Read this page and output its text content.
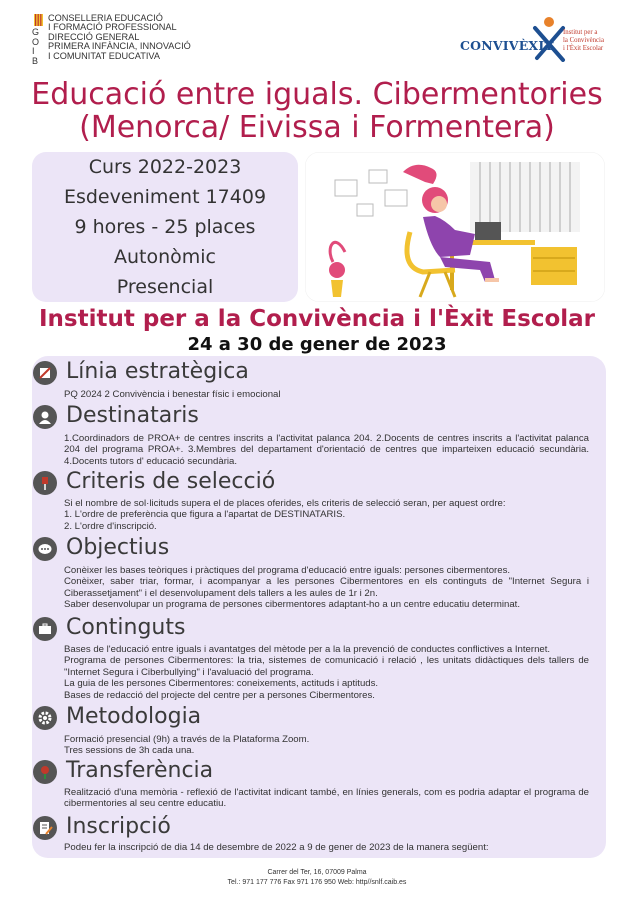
G
O
I
B
CONSELLERIA EDUCACIÓ
I FORMACIÓ PROFESSIONAL
DIRECCIÓ GENERAL
PRIMERA INFÀNCIA, INNOVACIÓ
I COMUNITAT EDUCATIVA
CONVIVÈXIT
Institut per a
la Convivència
i l'Èxit Escolar
Educació entre iguals. Cibermentories
(Menorca/ Eivissa i Formentera)
Curs 2022-2023
Esdeveniment 17409
9 hores - 25 places
Autonòmic
Presencial
Institut per a la Convivència i l'Èxit Escolar
24 a 30 de gener de 2023
Línia estratègica
PQ 2024 2 Convivència i benestar físic i emocional
Destinataris
1.Coordinadors de PROA+ de centres inscrits a l'activitat palanca 204. 2.Docents de centres inscrits a l'activitat palanca 204 del programa PROA+. 3.Membres del departament d'orientació de centres que imparteixen educació secundària. 4.Docents tutors d' educació secundària.
Criteris de selecció
Si el nombre de sol·licituds supera el de places oferides, els criteris de selecció seran, per aquest ordre:
1. L'ordre de preferència que figura a l'apartat de DESTINATARIS.
2. L'ordre d'inscripció.
Objectius
Conèixer les bases teòriques i pràctiques del programa d'educació entre iguals: persones cibermentores.
Conèixer, saber triar, formar, i acompanyar a les persones Cibermentores en els continguts de "Internet Segura i Ciberassetjament" i el desenvolupament dels tallers a les aules de 1r i 2n.
Saber desenvolupar un programa de persones cibermentores adaptant-ho a un centre educatiu determinat.
Continguts
Bases de l'educació entre iguals i avantatges del mètode per a la la prevenció de conductes conflictives a Internet.
Programa de persones Cibermentores: la tria, sistemes de comunicació i relació , les unitats didàctiques dels tallers de "Internet Segura i Ciberbullying" i l'avaluació del programa.
La guia de les persones Cibermentores: coneixements, actituds i aptituds.
Bases de redacció del projecte del centre per a persones Cibermentores.
Metodologia
Formació presencial (9h) a través de la Plataforma Zoom.
Tres sessions de 3h cada una.
Transferència
Realització d'una memòria - reflexió de l'activitat indicant també, en línies generals, com es podria adaptar el programa de cibermentories al seu centre educatiu.
Inscripció
Podeu fer la inscripció de dia 14 de desembre de 2022 a 9 de gener de 2023 de la manera següent:
Carrer del Ter, 16, 07009 Palma
Tel.: 971 177 776 Fax 971 176 950 Web: http//snlf.caib.es
